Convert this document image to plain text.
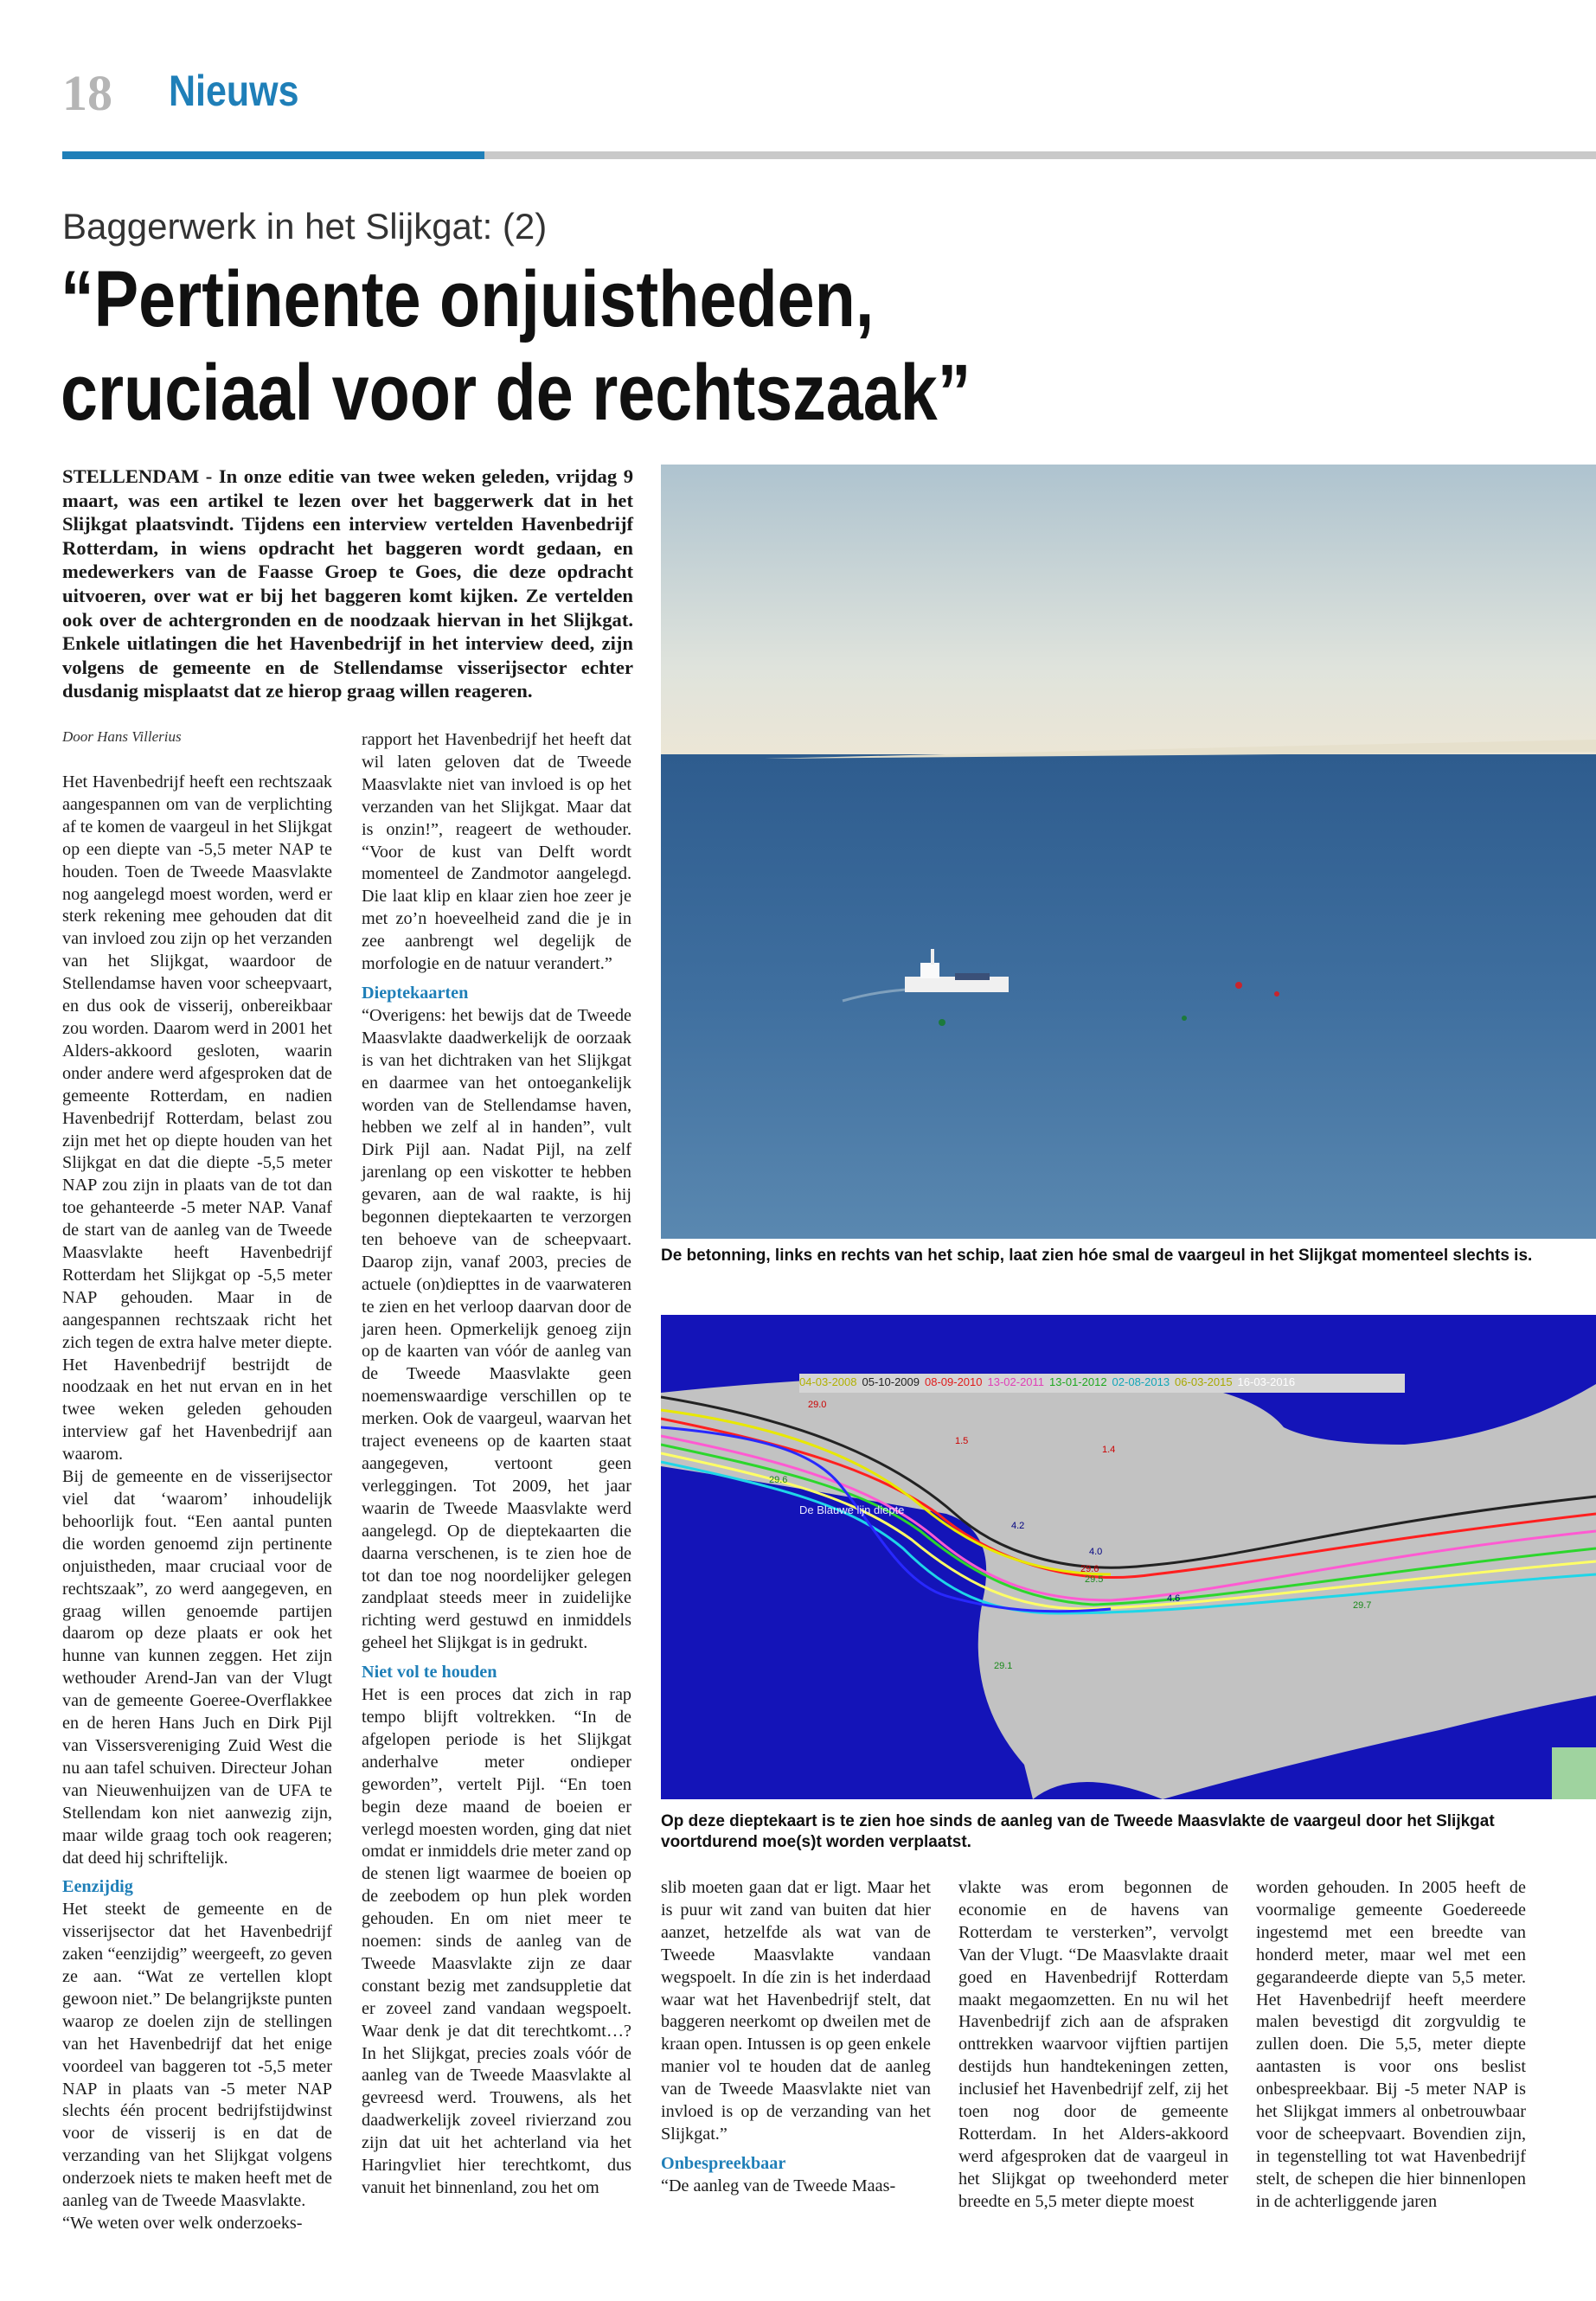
18 Nieuws
Baggerwerk in het Slijkgat: (2)
“Pertinente onjuistheden,
cruciaal voor de rechtszaak”
STELLENDAM - In onze editie van twee weken geleden, vrijdag 9 maart, was een artikel te lezen over het baggerwerk dat in het Slijkgat plaatsvindt. Tijdens een interview vertelden Havenbedrijf Rotterdam, in wiens opdracht het baggeren wordt gedaan, en medewerkers van de Faasse Groep te Goes, die deze opdracht uitvoeren, over wat er bij het baggeren komt kijken. Ze vertelden ook over de achtergronden en de noodzaak hiervan in het Slijkgat. Enkele uitlatingen die het Havenbedrijf in het interview deed, zijn volgens de gemeente en de Stellendamse visserijsector echter dusdanig misplaatst dat ze hierop graag willen reageren.
Door Hans Villerius

Het Havenbedrijf heeft een rechtszaak aangespannen om van de verplichting af te komen de vaargeul in het Slijkgat op een diepte van -5,5 meter NAP te houden. Toen de Tweede Maasvlakte nog aangelegd moest worden, werd er sterk rekening mee gehouden dat dit van invloed zou zijn op het verzanden van het Slijkgat, waardoor de Stellendamse haven voor scheepvaart, en dus ook de visserij, onbereikbaar zou worden. Daarom werd in 2001 het Alders-akkoord gesloten, waarin onder andere werd afgesproken dat de gemeente Rotterdam, en nadien Havenbedrijf Rotterdam, belast zou zijn met het op diepte houden van het Slijkgat en dat die diepte -5,5 meter NAP zou zijn in plaats van de tot dan toe gehanteerde -5 meter NAP. Vanaf de start van de aanleg van de Tweede Maasvlakte heeft Havenbedrijf Rotterdam het Slijkgat op -5,5 meter NAP gehouden. Maar in de aangespannen rechtszaak richt het zich tegen de extra halve meter diepte. Het Havenbedrijf bestrijdt de noodzaak en het nut ervan en in het twee weken geleden gehouden interview gaf het Havenbedrijf aan waarom.

Bij de gemeente en de visserijsector viel dat ‘waarom’ inhoudelijk behoorlijk fout. “Een aantal punten die worden genoemd zijn pertinente onjuistheden, maar cruciaal voor de rechtszaak”, zo werd aangegeven, en graag willen genoemde partijen daarom op deze plaats er ook het hunne van kunnen zeggen. Het zijn wethouder Arend-Jan van der Vlugt van de gemeente Goeree-Overflakkee en de heren Hans Juch en Dirk Pijl van Vissersvereniging Zuid West die nu aan tafel schuiven. Directeur Johan van Nieuwenhuijzen van de UFA te Stellendam kon niet aanwezig zijn, maar wilde graag toch ook reageren; dat deed hij schriftelijk.

Eenzijdig

Het steekt de gemeente en de visserijsector dat het Havenbedrijf zaken “eenzijdig” weergeeft, zo geven ze aan. “Wat ze vertellen klopt gewoon niet.” De belangrijkste punten waarop ze doelen zijn de stellingen van het Havenbedrijf dat het enige voordeel van baggeren tot -5,5 meter NAP in plaats van -5 meter NAP slechts één procent bedrijfstijdwinst voor de visserij is en dat de verzanding van het Slijkgat volgens onderzoek niets te maken heeft met de aanleg van de Tweede Maasvlakte.

“We weten over welk onderzoeks-

rapport het Havenbedrijf het heeft dat wil laten geloven dat de Tweede Maasvlakte niet van invloed is op het verzanden van het Slijkgat. Maar dat is onzin!”, reageert de wethouder. “Voor de kust van Delft wordt momenteel de Zandmotor aangelegd. Die laat klip en klaar zien hoe zeer je met zo’n hoeveelheid zand die je in zee aanbrengt wel degelijk de morfologie en de natuur verandert.”

Dieptekaarten

“Overigens: het bewijs dat de Tweede Maasvlakte daadwerkelijk de oorzaak is van het dichtraken van het Slijkgat en daarmee van het ontoegankelijk worden van de Stellendamse haven, hebben we zelf al in handen”, vult Dirk Pijl aan. Nadat Pijl, na zelf jarenlang op een viskotter te hebben gevaren, aan de wal raakte, is hij begonnen dieptekaarten te verzorgen ten behoeve van de scheepvaart. Daarop zijn, vanaf 2003, precies de actuele (on)diepttes in de vaarwateren te zien en het verloop daarvan door de jaren heen. Opmerkelijk genoeg zijn op de kaarten van vóór de aanleg van de Tweede Maasvlakte geen noemenswaardige verschillen op te merken. Ook de vaargeul, waarvan het traject eveneens op de kaarten staat aangegeven, vertoont geen verleggingen. Tot 2009, het jaar waarin de Tweede Maasvlakte werd aangelegd. Op de dieptekaarten die daarna verschenen, is te zien hoe de tot dan toe nog noordelijker gelegen zandplaat steeds meer in zuidelijke richting werd gestuwd en inmiddels geheel het Slijkgat is in gedrukt.

Niet vol te houden

Het is een proces dat zich in rap tempo blijft voltrekken. “In de afgelopen periode is het Slijkgat anderhalve meter ondieper geworden”, vertelt Pijl. “En toen begin deze maand de boeien er verlegd moesten worden, ging dat niet omdat er inmiddels drie meter zand op de stenen ligt waarmee de boeien op de zeebodem op hun plek worden gehouden. En om niet meer te noemen: sinds de aanleg van de Tweede Maasvlakte zijn ze daar constant bezig met zandsuppletie dat er zoveel zand vandaan wegspoelt. Waar denk je dat dit terechtkomt…? In het Slijkgat, precies zoals vóór de aanleg van de Tweede Maasvlakte al gevreesd werd. Trouwens, als het daadwerkelijk zoveel rivierzand zou zijn dat uit het achterland via het Haringvliet hier terechtkomt, dus vanuit het binnenland, zou het om

De betonning, links en rechts van het schip, laat zien hóe smal de vaargeul in het Slijkgat momenteel slechts is.
04-03-2008 05-10-2009 08-09-2010 13-02-2011 13-01-2012 02-08-2013 06-03-2015 16-03-2016
De Blauwe lijn diepte
29.0
1.5
1.4
29.6
4.2
4.0
29.6
29.5
4.6
29.1
29.7
Op deze dieptekaart is te zien hoe sinds de aanleg van de Tweede Maasvlakte de vaargeul door het Slijkgat voortdurend moe(s)t worden verplaatst.

slib moeten gaan dat er ligt. Maar het is puur wit zand van buiten dat hier aanzet, hetzelfde als wat van de Tweede Maasvlakte vandaan wegspoelt. In díe zin is het inderdaad waar wat het Havenbedrijf stelt, dat baggeren neerkomt op dweilen met de kraan open. Intussen is op geen enkele manier vol te houden dat de aanleg van de Tweede Maasvlakte niet van invloed is op de verzanding van het Slijkgat.”

Onbespreekbaar

“De aanleg van de Tweede Maas-

vlakte was erom begonnen de economie en de havens van Rotterdam te versterken”, vervolgt Van der Vlugt. “De Maasvlakte draait goed en Havenbedrijf Rotterdam maakt megaomzetten. En nu wil het Havenbedrijf zich aan de afspraken onttrekken waarvoor vijftien partijen destijds hun handtekeningen zetten, inclusief het Havenbedrijf zelf, zij het toen nog door de gemeente Rotterdam. In het Alders-akkoord werd afgesproken dat de vaargeul in het Slijkgat op tweehonderd meter breedte en 5,5 meter diepte moest

worden gehouden. In 2005 heeft de voormalige gemeente Goedereede ingestemd met een breedte van honderd meter, maar wel met een gegarandeerde diepte van 5,5 meter. Het Havenbedrijf heeft meerdere malen bevestigd dit zorgvuldig te zullen doen. Die 5,5, meter diepte aantasten is voor ons beslist onbespreekbaar. Bij -5 meter NAP is het Slijkgat immers al onbetrouwbaar voor de scheepvaart. Bovendien zijn, in tegenstelling tot wat Havenbedrijf stelt, de schepen die hier binnenlopen in de achterliggende jaren
